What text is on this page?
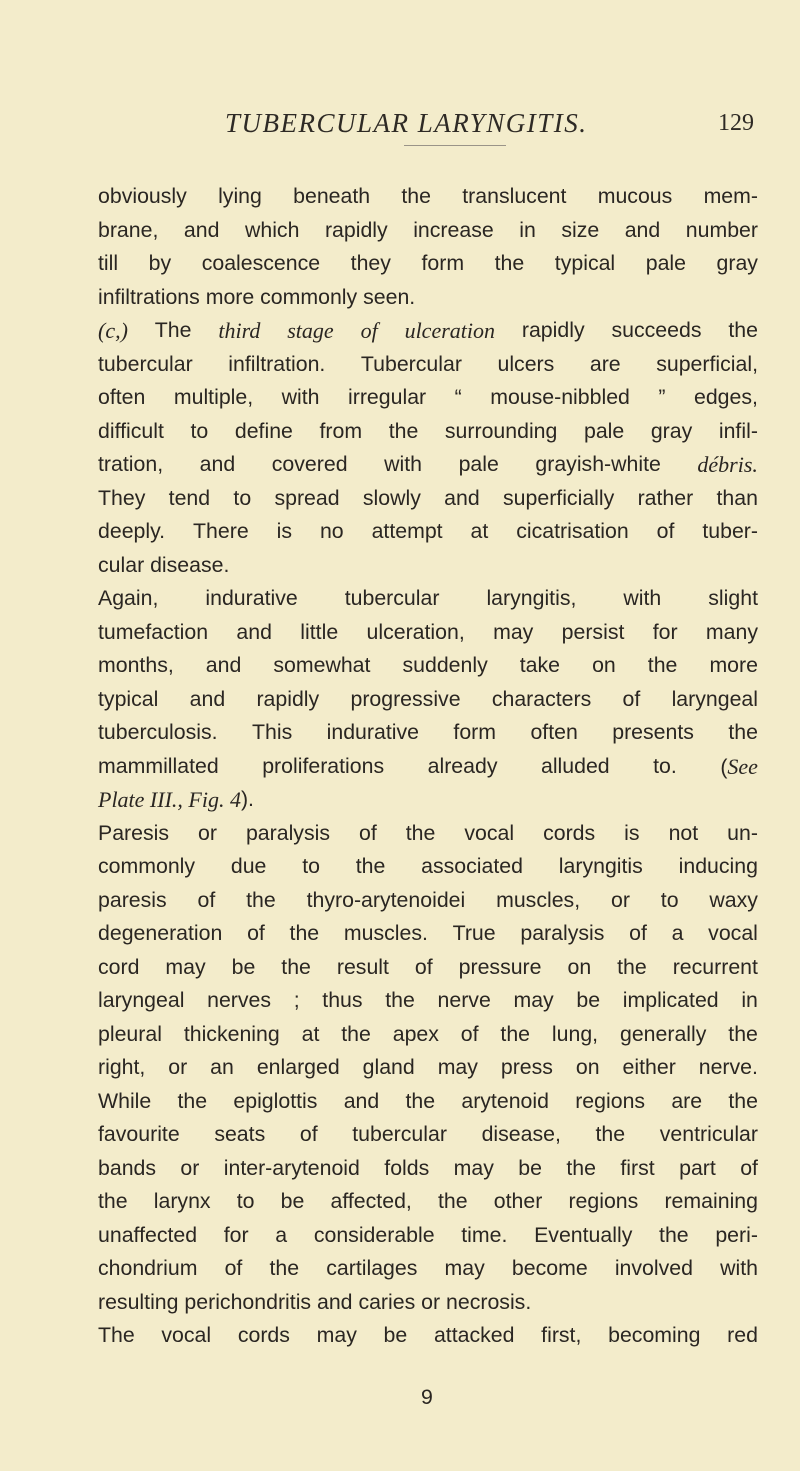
TUBERCULAR LARYNGITIS.	129
obviously lying beneath the translucent mucous mem-
brane, and which rapidly increase in size and number
till by coalescence they form the typical pale gray
infiltrations more commonly seen.
(c,) The third stage of ulceration rapidly succeeds the
tubercular infiltration. Tubercular ulcers are superficial,
often multiple, with irregular “ mouse-nibbled ” edges,
difficult to define from the surrounding pale gray infil-
tration, and covered with pale grayish-white débris.
They tend to spread slowly and superficially rather than
deeply. There is no attempt at cicatrisation of tuber-
cular disease.
Again, indurative tubercular laryngitis, with slight
tumefaction and little ulceration, may persist for many
months, and somewhat suddenly take on the more
typical and rapidly progressive characters of laryngeal
tuberculosis. This indurative form often presents the
mammillated proliferations already alluded to. (See
Plate III., Fig. 4 ).
Paresis or paralysis of the vocal cords is not un-
commonly due to the associated laryngitis inducing
paresis of the thyro-arytenoidei muscles, or to waxy
degeneration of the muscles. True paralysis of a vocal
cord may be the result of pressure on the recurrent
laryngeal nerves ; thus the nerve may be implicated in
pleural thickening at the apex of the lung, generally the
right, or an enlarged gland may press on either nerve.
While the epiglottis and the arytenoid regions are the
favourite seats of tubercular disease, the ventricular
bands or inter-arytenoid folds may be the first part of
the larynx to be affected, the other regions remaining
unaffected for a considerable time. Eventually the peri-
chondrium of the cartilages may become involved with
resulting perichondritis and caries or necrosis.
The vocal cords may be attacked first, becoming red
9
